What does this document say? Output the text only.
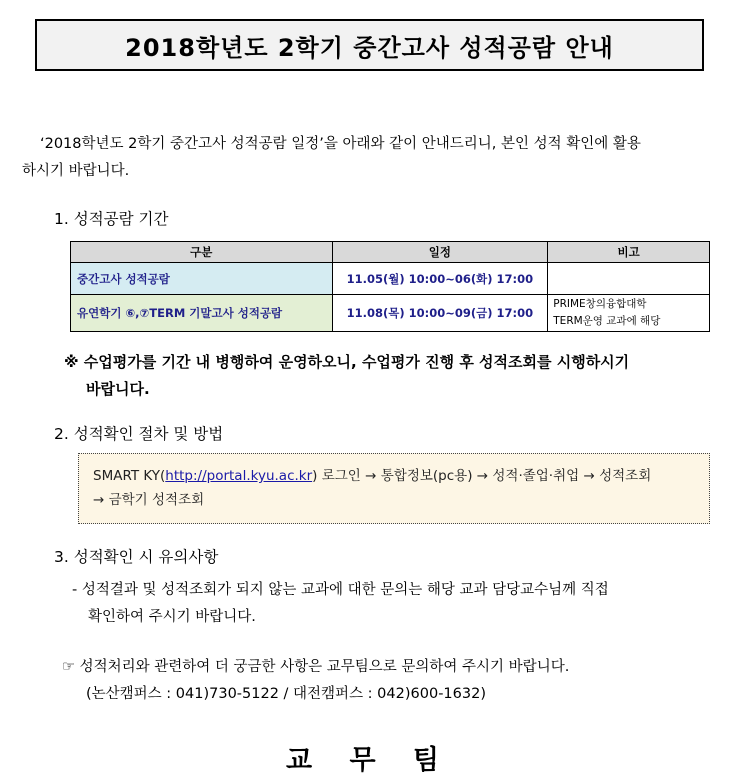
2018학년도 2학기 중간고사 성적공람 안내
‘2018학년도 2학기 중간고사 성적공람 일정’을 아래와 같이 안내드리니, 본인 성적 확인에 활용
하시기 바랍니다.
1. 성적공람 기간
구분	일정	비고
중간고사 성적공람	11.05(월) 10:00~06(화) 17:00	
유연학기 ⑥,⑦TERM 기말고사 성적공람	11.08(목) 10:00~09(금) 17:00	PRIME창의융합대학
TERM운영 교과에 해당
※ 수업평가를 기간 내 병행하여 운영하오니, 수업평가 진행 후 성적조회를 시행하시기
바랍니다.
2. 성적확인 절차 및 방법
SMART KY(http://portal.kyu.ac.kr) 로그인 → 통합정보(pc용) → 성적·졸업·취업 → 성적조회
→ 금학기 성적조회
3. 성적확인 시 유의사항
- 성적결과 및 성적조회가 되지 않는 교과에 대한 문의는 해당 교과 담당교수님께 직접
확인하여 주시기 바랍니다.
☞ 성적처리와 관련하여 더 궁금한 사항은 교무팀으로 문의하여 주시기 바랍니다.
(논산캠퍼스 : 041)730-5122 / 대전캠퍼스 : 042)600-1632)
교 무 팀
